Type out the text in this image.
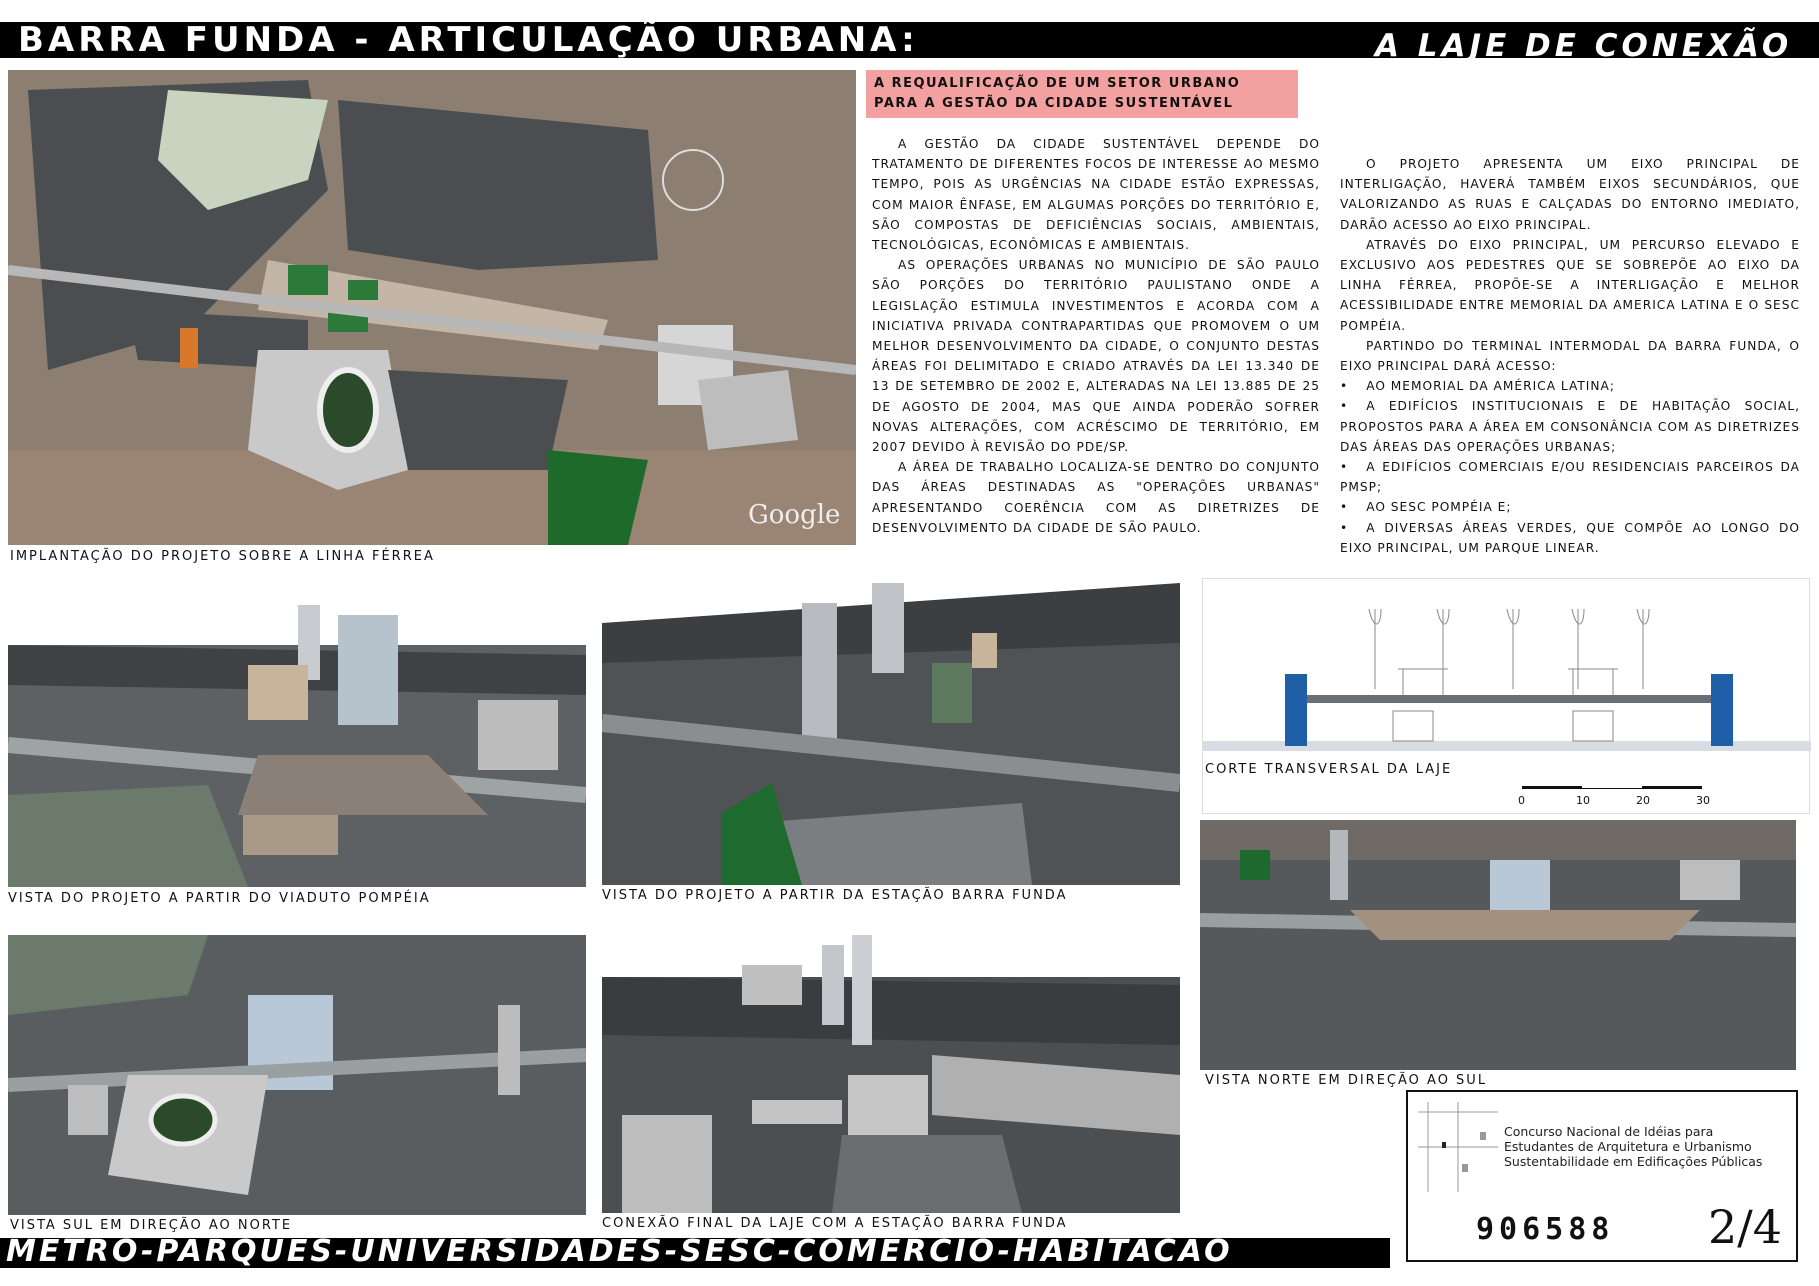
BARRA FUNDA - ARTICULAÇÃO URBANA:	A LAJE DE CONEXÃO
Google
IMPLANTAÇÃO DO PROJETO SOBRE A LINHA FÉRREA
A REQUALIFICAÇÃO DE UM SETOR URBANO PARA A GESTÃO DA CIDADE SUSTENTÁVEL

A GESTÃO DA CIDADE SUSTENTÁVEL DEPENDE DO TRATAMENTO DE DIFERENTES FOCOS DE INTERESSE AO MESMO TEMPO, POIS AS URGÊNCIAS NA CIDADE ESTÃO EXPRESSAS, COM MAIOR ÊNFASE, EM ALGUMAS PORÇÕES DO TERRITÓRIO E, SÃO COMPOSTAS DE DEFICIÊNCIAS SOCIAIS, AMBIENTAIS, TECNOLÓGICAS, ECONÔMICAS E AMBIENTAIS.

AS OPERAÇÕES URBANAS NO MUNICÍPIO DE SÃO PAULO SÃO PORÇÕES DO TERRITÓRIO PAULISTANO ONDE A LEGISLAÇÃO ESTIMULA INVESTIMENTOS E ACORDA COM A INICIATIVA PRIVADA CONTRAPARTIDAS QUE PROMOVEM O UM MELHOR DESENVOLVIMENTO DA CIDADE, O CONJUNTO DESTAS ÁREAS FOI DELIMITADO E CRIADO ATRAVÉS DA LEI 13.340 DE 13 DE SETEMBRO DE 2002 E, ALTERADAS NA LEI 13.885 DE 25 DE AGOSTO DE 2004, MAS QUE AINDA PODERÃO SOFRER NOVAS ALTERAÇÕES, COM ACRÉSCIMO DE TERRITÓRIO, EM 2007 DEVIDO À REVISÃO DO PDE/SP.

A ÁREA DE TRABALHO LOCALIZA-SE DENTRO DO CONJUNTO DAS ÁREAS DESTINADAS AS "OPERAÇÕES URBANAS" APRESENTANDO COERÊNCIA COM AS DIRETRIZES DE DESENVOLVIMENTO DA CIDADE DE SÃO PAULO.

O PROJETO APRESENTA UM EIXO PRINCIPAL DE INTERLIGAÇÃO, HAVERÁ TAMBÉM EIXOS SECUNDÁRIOS, QUE VALORIZANDO AS RUAS E CALÇADAS DO ENTORNO IMEDIATO, DARÃO ACESSO AO EIXO PRINCIPAL.

ATRAVÉS DO EIXO PRINCIPAL, UM PERCURSO ELEVADO E EXCLUSIVO AOS PEDESTRES QUE SE SOBREPÕE AO EIXO DA LINHA FÉRREA, PROPÕE-SE A INTERLIGAÇÃO E MELHOR ACESSIBILIDADE ENTRE MEMORIAL DA AMERICA LATINA E O SESC POMPÉIA.

PARTINDO DO TERMINAL INTERMODAL DA BARRA FUNDA, O EIXO PRINCIPAL DARÁ ACESSO:

• AO MEMORIAL DA AMÉRICA LATINA;
• A EDIFÍCIOS INSTITUCIONAIS E DE HABITAÇÃO SOCIAL, PROPOSTOS PARA A ÁREA EM CONSONÂNCIA COM AS DIRETRIZES DAS ÁREAS DAS OPERAÇÕES URBANAS;
• A EDIFÍCIOS COMERCIAIS E/OU RESIDENCIAIS PARCEIROS DA PMSP;
• AO SESC POMPÉIA E;
• A DIVERSAS ÁREAS VERDES, QUE COMPÕE AO LONGO DO EIXO PRINCIPAL, UM PARQUE LINEAR.
VISTA DO PROJETO A PARTIR DO VIADUTO POMPÉIA	VISTA DO PROJETO A PARTIR DA ESTAÇÃO BARRA FUNDA
CORTE TRANSVERSAL DA LAJE
0	10	20	30
VISTA NORTE EM DIREÇÃO AO SUL
VISTA SUL EM DIREÇÃO AO NORTE	CONEXÃO FINAL DA LAJE COM A ESTAÇÃO BARRA FUNDA
METRO-PARQUES-UNIVERSIDADES-SESC-COMERCIO-HABITACAO
Concurso Nacional de Idéias para
Estudantes de Arquitetura e Urbanismo
Sustentabilidade em Edificações Públicas
906588 2/4
